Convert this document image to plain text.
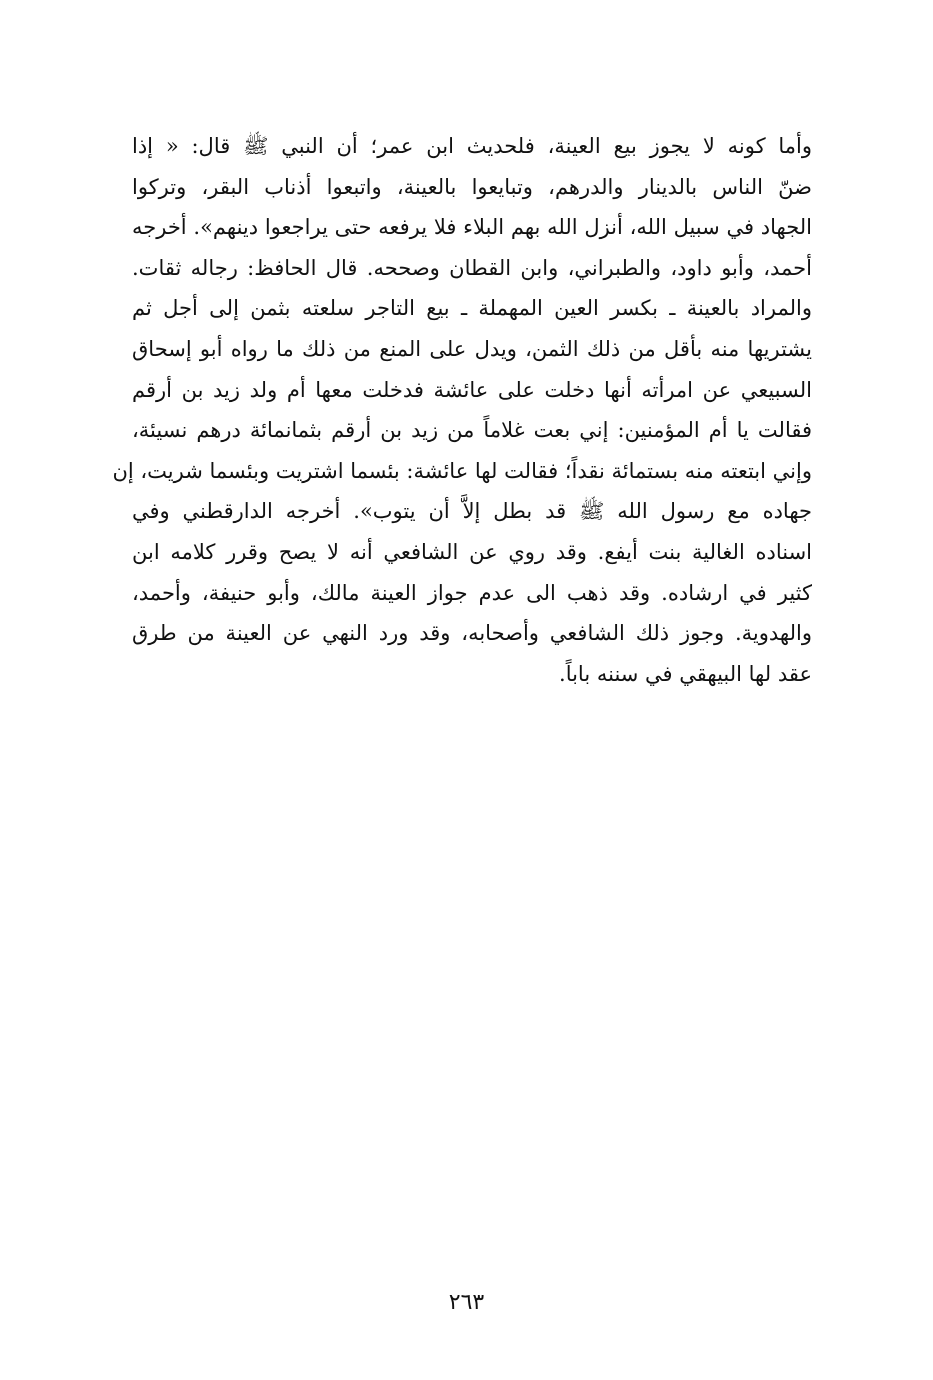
وأما كونه لا يجوز بيع العينة، فلحديث ابن عمر؛ أن النبي ﷺ قال: « إذا
ضنّ الناس بالدينار والدرهم، وتبايعوا بالعينة، واتبعوا أذناب البقر، وتركوا
الجهاد في سبيل الله، أنزل الله بهم البلاء فلا يرفعه حتى يراجعوا دينهم». أخرجه
أحمد، وأبو داود، والطبراني، وابن القطان وصححه. قال الحافظ: رجاله ثقات.
والمراد بالعينة ـ بكسر العين المهملة ـ بيع التاجر سلعته بثمن إلى أجل ثم
يشتريها منه بأقل من ذلك الثمن، ويدل على المنع من ذلك ما رواه أبو إسحاق
السبيعي عن امرأته أنها دخلت على عائشة فدخلت معها أم ولد زيد بن أرقم
فقالت يا أم المؤمنين: إني بعت غلاماً من زيد بن أرقم بثمانمائة درهم نسيئة،
وإني ابتعته منه بستمائة نقداً؛ فقالت لها عائشة: بئسما اشتريت وبئسما شريت، إن
جهاده مع رسول الله ﷺ قد بطل إلاَّ أن يتوب». أخرجه الدارقطني وفي
اسناده الغالية بنت أيفع. وقد روي عن الشافعي أنه لا يصح وقرر كلامه ابن
كثير في ارشاده. وقد ذهب الى عدم جواز العينة مالك، وأبو حنيفة، وأحمد،
والهدوية. وجوز ذلك الشافعي وأصحابه، وقد ورد النهي عن العينة من طرق
عقد لها البيهقي في سننه باباً.
٢٦٣
